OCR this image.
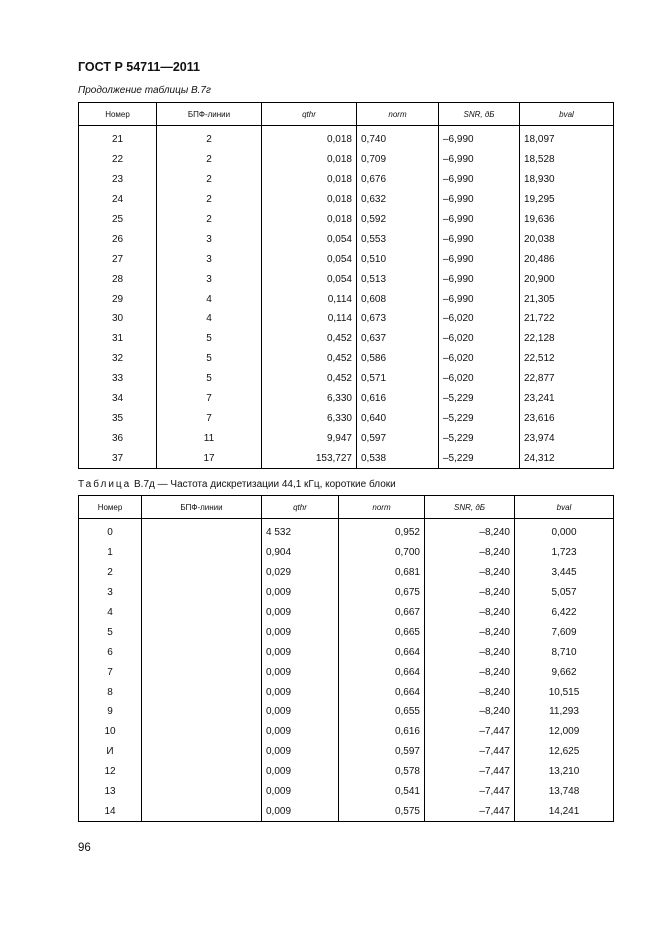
ГОСТ Р 54711—2011
Продолжение таблицы В.7г
Номер	БПФ-линии	qthr	norm	SNR, дБ	bval
21	2	0,018	0,740	–6,990	18,097
22	2	0,018	0,709	–6,990	18,528
23	2	0,018	0,676	–6,990	18,930
24	2	0,018	0,632	–6,990	19,295
25	2	0,018	0,592	–6,990	19,636
26	3	0,054	0,553	–6,990	20,038
27	3	0,054	0,510	–6,990	20,486
28	3	0,054	0,513	–6,990	20,900
29	4	0,114	0,608	–6,990	21,305
30	4	0,114	0,673	–6,020	21,722
31	5	0,452	0,637	–6,020	22,128
32	5	0,452	0,586	–6,020	22,512
33	5	0,452	0,571	–6,020	22,877
34	7	6,330	0,616	–5,229	23,241
35	7	6,330	0,640	–5,229	23,616
36	11	9,947	0,597	–5,229	23,974
37	17	153,727	0,538	–5,229	24,312
Таблица В.7д — Частота дискретизации 44,1 кГц, короткие блоки
Номер	БПФ-линии	qthr	norm	SNR, дБ	bval
0		4 532	0,952	–8,240	0,000
1		0,904	0,700	–8,240	1,723
2		0,029	0,681	–8,240	3,445
3		0,009	0,675	–8,240	5,057
4		0,009	0,667	–8,240	6,422
5		0,009	0,665	–8,240	7,609
6		0,009	0,664	–8,240	8,710
7		0,009	0,664	–8,240	9,662
8		0,009	0,664	–8,240	10,515
9		0,009	0,655	–8,240	11,293
10		0,009	0,616	–7,447	12,009
И		0,009	0,597	–7,447	12,625
12		0,009	0,578	–7,447	13,210
13		0,009	0,541	–7,447	13,748
14		0,009	0,575	–7,447	14,241
96
